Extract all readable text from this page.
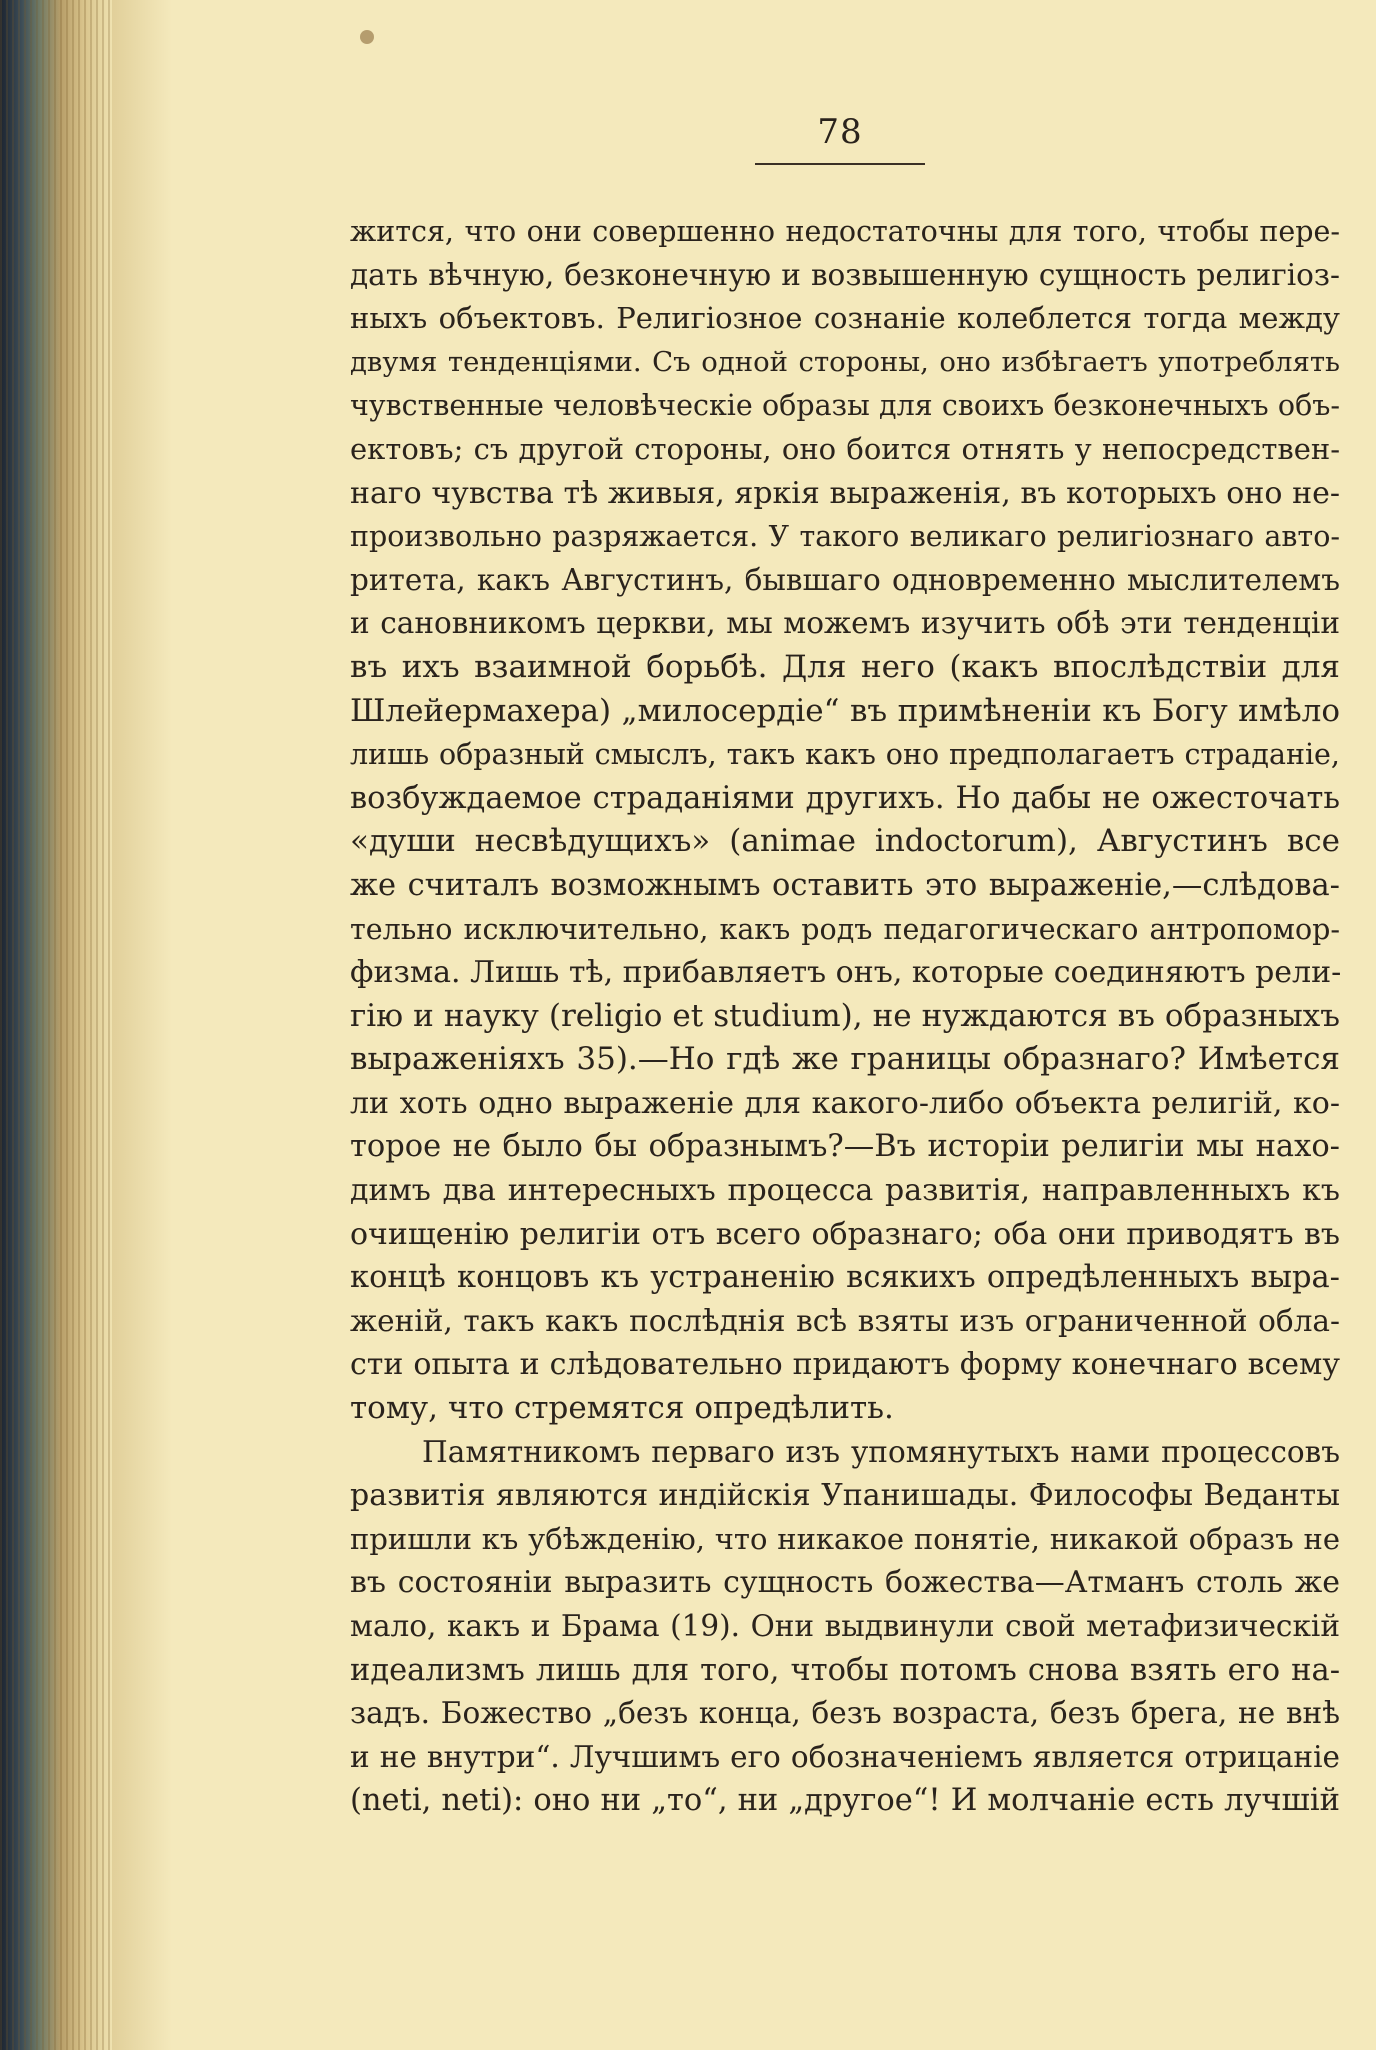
78
жится, что они совершенно недостаточны для того, чтобы пере-
дать вѣчную, безконечную и возвышенную сущность религіоз-
ныхъ объектовъ. Религіозное сознаніе колеблется тогда между
двумя тенденціями. Съ одной стороны, оно избѣгаетъ употреблять
чувственные человѣческіе образы для своихъ безконечныхъ объ-
ектовъ; съ другой стороны, оно боится отнять у непосредствен-
наго чувства тѣ живыя, яркія выраженія, въ которыхъ оно не-
произвольно разряжается. У такого великаго религіознаго авто-
ритета, какъ Августинъ, бывшаго одновременно мыслителемъ
и сановникомъ церкви, мы можемъ изучить обѣ эти тенденціи
въ ихъ взаимной борьбѣ. Для него (какъ впослѣдствіи для
Шлейермахера) „милосердіе“ въ примѣненіи къ Богу имѣло
лишь образный смыслъ, такъ какъ оно предполагаетъ страданіе,
возбуждаемое страданіями другихъ. Но дабы не ожесточать
«души несвѣдущихъ» (animae indoctorum), Августинъ все
же считалъ возможнымъ оставить это выраженіе,—слѣдова-
тельно исключительно, какъ родъ педагогическаго антропомор-
физма. Лишь тѣ, прибавляетъ онъ, которые соединяютъ рели-
гію и науку (religio et studium), не нуждаются въ образныхъ
выраженіяхъ 35).—Но гдѣ же границы образнаго? Имѣется
ли хоть одно выраженіе для какого-либо объекта религій, ко-
торое не было бы образнымъ?—Въ исторіи религіи мы нахо-
димъ два интересныхъ процесса развитія, направленныхъ къ
очищенію религіи отъ всего образнаго; оба они приводятъ въ
концѣ концовъ къ устраненію всякихъ опредѣленныхъ выра-
женій, такъ какъ послѣднія всѣ взяты изъ ограниченной обла-
сти опыта и слѣдовательно придаютъ форму конечнаго всему
тому, что стремятся опредѣлить.
Памятникомъ перваго изъ упомянутыхъ нами процессовъ
развитія являются индійскія Упанишады. Философы Веданты
пришли къ убѣжденію, что никакое понятіе, никакой образъ не
въ состояніи выразить сущность божества—Атманъ столь же
мало, какъ и Брама (19). Они выдвинули свой метафизическій
идеализмъ лишь для того, чтобы потомъ снова взять его на-
задъ. Божество „безъ конца, безъ возраста, безъ брега, не внѣ
и не внутри“. Лучшимъ его обозначеніемъ является отрицаніе
(neti, neti): оно ни „то“, ни „другое“! И молчаніе есть лучшій
